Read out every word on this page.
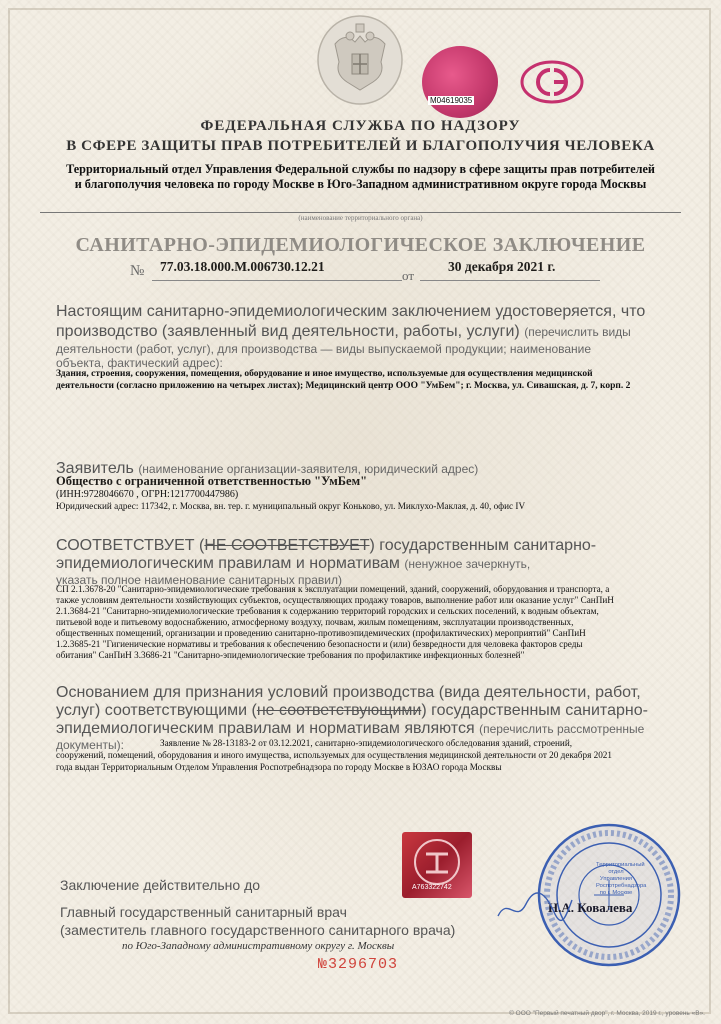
M04619035
ФЕДЕРАЛЬНАЯ СЛУЖБА ПО НАДЗОРУ
В СФЕРЕ ЗАЩИТЫ ПРАВ ПОТРЕБИТЕЛЕЙ И БЛАГОПОЛУЧИЯ ЧЕЛОВЕКА
Территориальный отдел Управления Федеральной службы по надзору в сфере защиты прав потребителей
и благополучия человека по городу Москве в Юго-Западном административном округе города Москвы
(наименование территориального органа)
САНИТАРНО-ЭПИДЕМИОЛОГИЧЕСКОЕ ЗАКЛЮЧЕНИЕ
№ 77.03.18.000.М.006730.12.21
от
30 декабря 2021 г.
Настоящим санитарно-эпидемиологическим заключением удостоверяется, что
производство (заявленный вид деятельности, работы, услуги) (перечислить виды
деятельности (работ, услуг), для производства — виды выпускаемой продукции; наименование
объекта, фактический адрес):
Здания, строения, сооружения, помещения, оборудование и иное имущество, используемые для осуществления медицинской
деятельности (согласно приложению на четырех листах); Медицинский центр ООО "УмБем"; г. Москва, ул. Сивашская, д. 7, корп. 2
Заявитель (наименование организации-заявителя, юридический адрес)
Общество с ограниченной ответственностью "УмБем"
(ИНН:9728046670 , ОГРН:1217700447986)
Юридический адрес: 117342, г. Москва, вн. тер. г. муниципальный округ Коньково, ул. Миклухо-Маклая, д. 40, офис IV
СООТВЕТСТВУЕТ (НЕ СООТВЕТСТВУЕТ) государственным санитарно-
эпидемиологическим правилам и нормативам (ненужное зачеркнуть,
указать полное наименование санитарных правил)
СП 2.1.3678-20 "Санитарно-эпидемиологические требования к эксплуатации помещений, зданий, сооружений, оборудования и транспорта, а
также условиям деятельности хозяйствующих субъектов, осуществляющих продажу товаров, выполнение работ или оказание услуг" СанПиН
2.1.3684-21 "Санитарно-эпидемиологические требования к содержанию территорий городских и сельских поселений, к водным объектам,
питьевой воде и питьевому водоснабжению, атмосферному воздуху, почвам, жилым помещениям, эксплуатации производственных,
общественных помещений, организации и проведению санитарно-противоэпидемических (профилактических) мероприятий" СанПиН
1.2.3685-21 "Гигиенические нормативы и требования к обеспечению безопасности и (или) безвредности для человека факторов среды
обитания" СанПиН 3.3686-21 "Санитарно-эпидемиологические требования по профилактике инфекционных болезней"
Основанием для признания условий производства (вида деятельности, работ,
услуг) соответствующими (не соответствующими) государственным санитарно-
эпидемиологическим правилам и нормативам являются (перечислить рассмотренные
документы):	Заявление № 28-13183-2 от 03.12.2021, санитарно-эпидемиологического обследования зданий, строений,
сооружений, помещений, оборудования и иного имущества, используемых для осуществления медицинской деятельности от 20 декабря 2021
года выдан Территориальным Отделом Управления Роспотребнадзора по городу Москве в ЮЗАО города Москвы
А763322742
Заключение действительно до
Главный государственный санитарный врач
(заместитель главного государственного санитарного врача)
по Юго-Западному административному округу г. Москвы
Территориальный отдел Управления Роспотребнадзора по г. Москве
Н.А. Ковалева
№3296703
© ООО "Первый печатный двор", г. Москва, 2019 г., уровень «В».
